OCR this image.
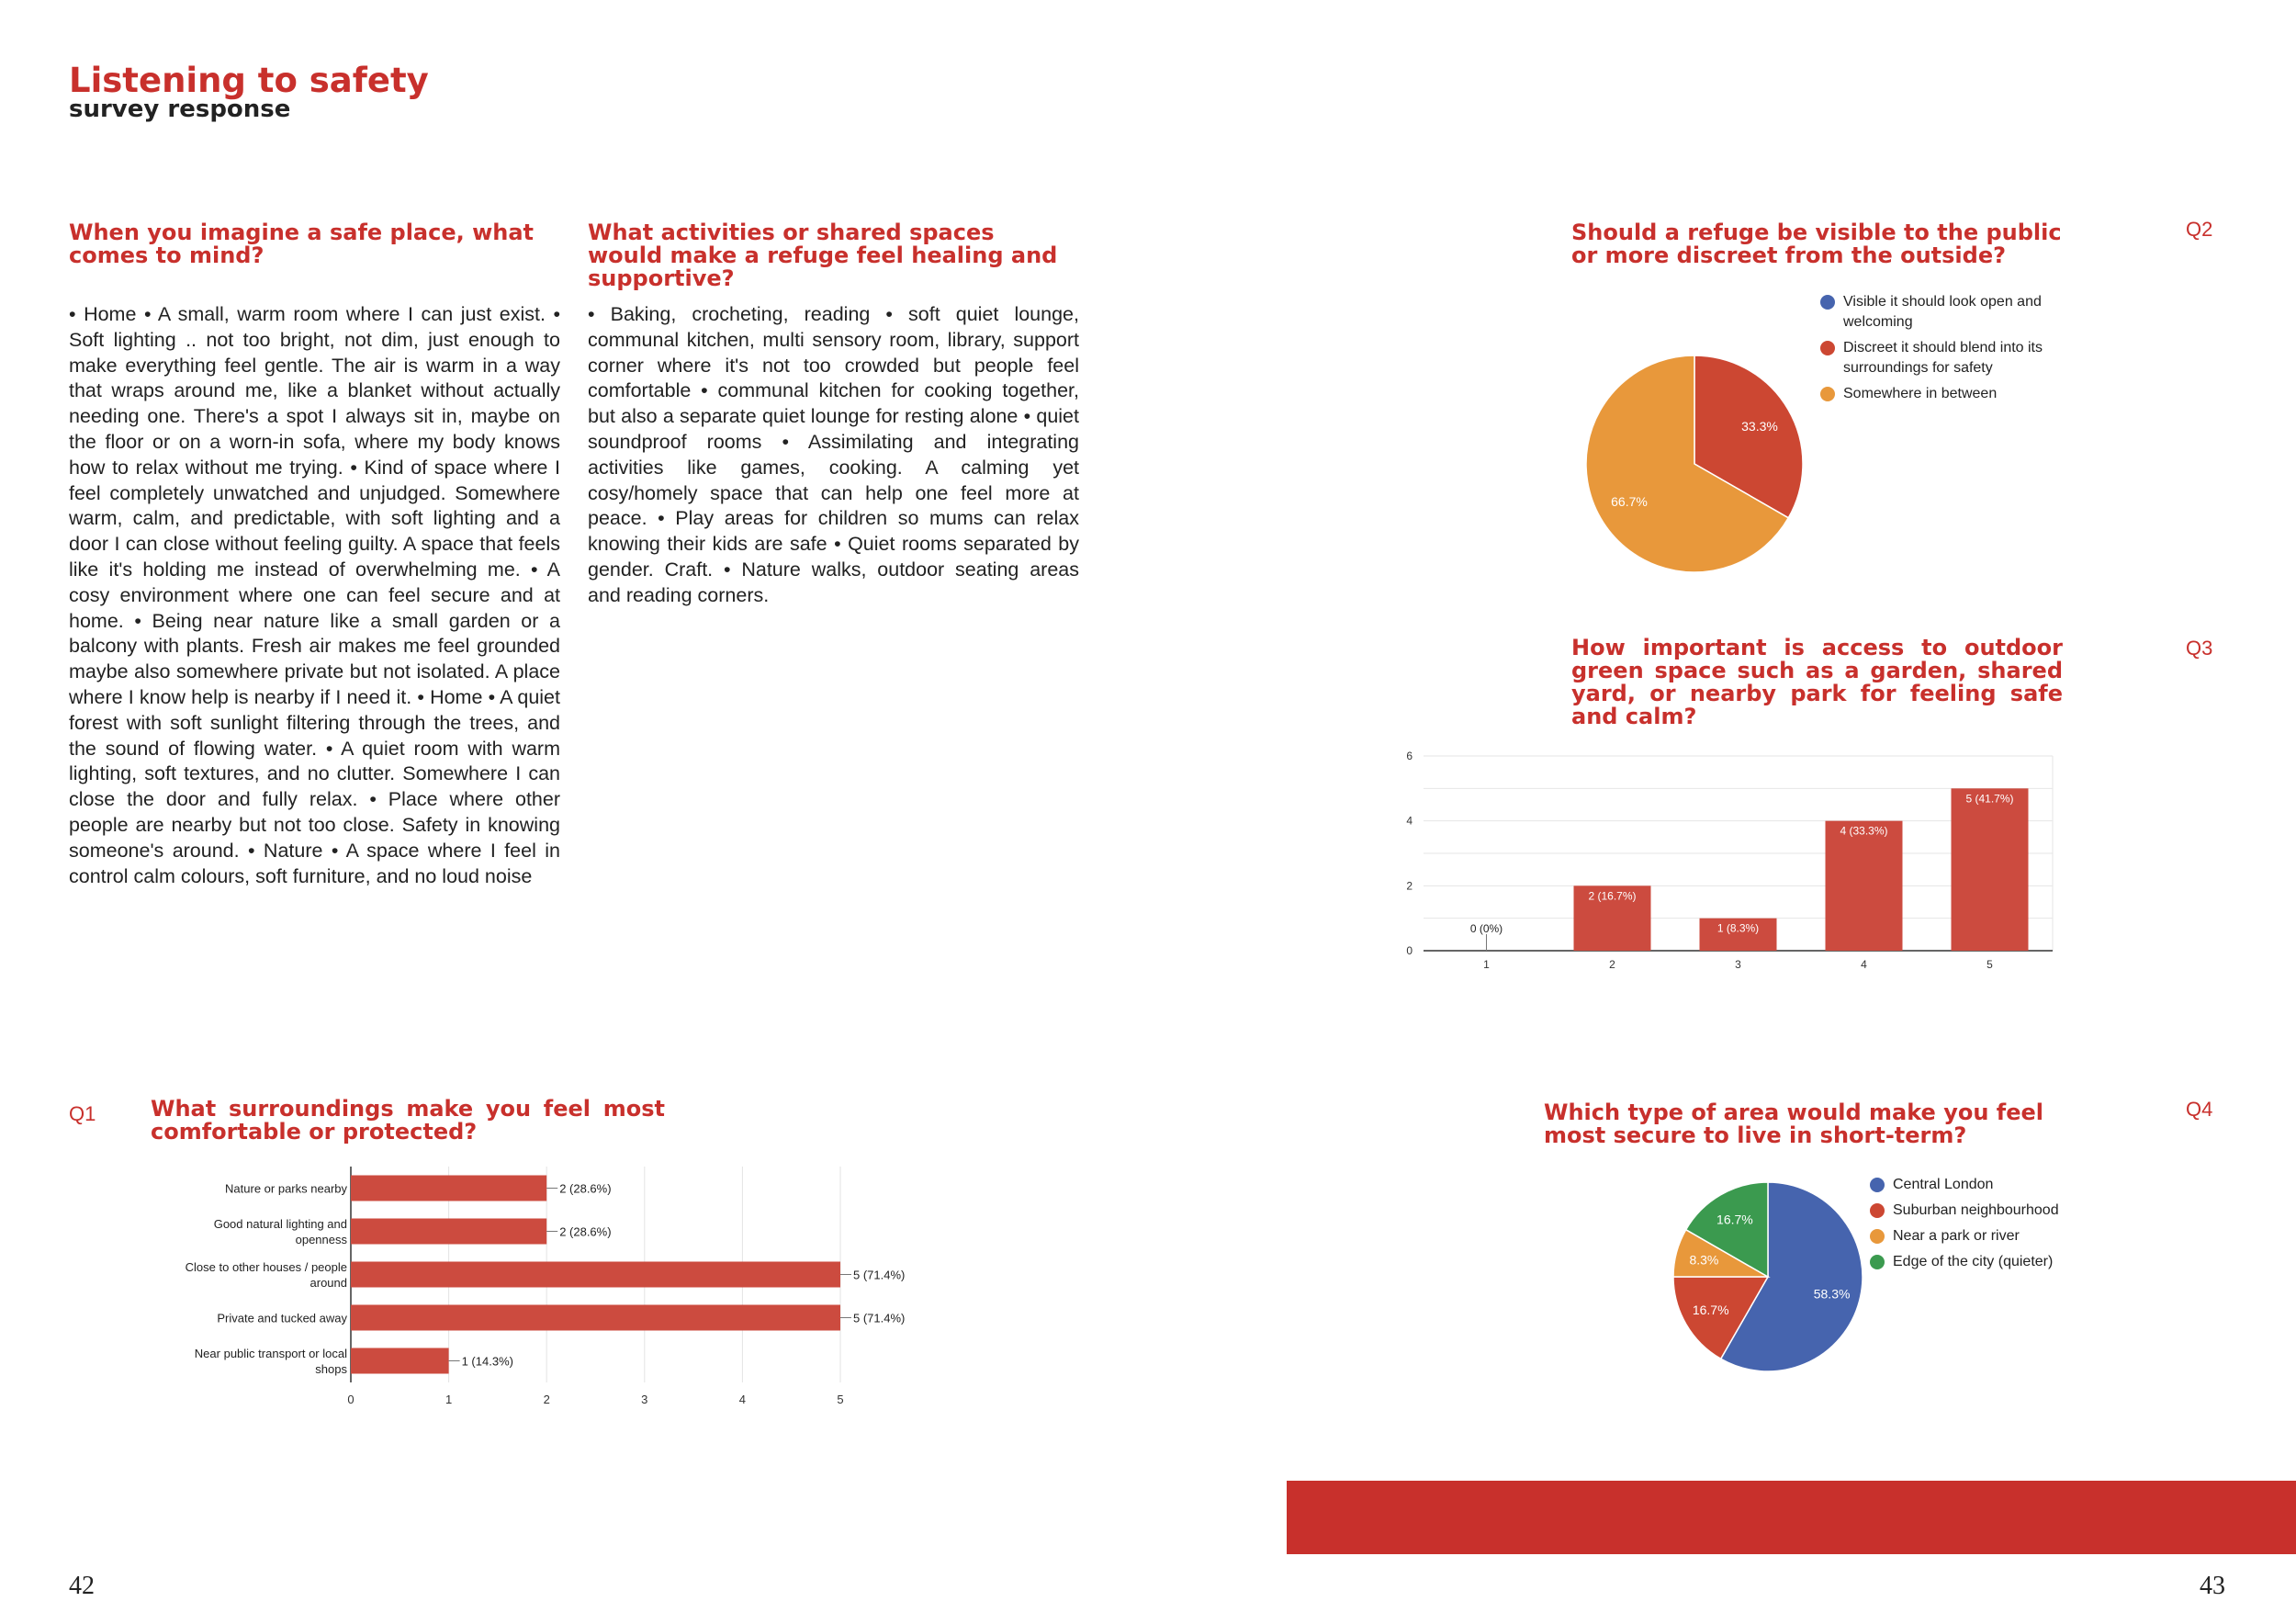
Listening to safety
survey response
When you imagine a safe place, what comes to mind?

• Home • A small, warm room where I can just exist. • Soft lighting .. not too bright, not dim, just enough to make everything feel gentle. The air is warm in a way that wraps around me, like a blanket without actually needing one. There's a spot I always sit in, maybe on the floor or on a worn-in sofa, where my body knows how to relax without me trying. • Kind of space where I feel completely unwatched and unjudged. Somewhere warm, calm, and predictable, with soft lighting and a door I can close without feeling guilty. A space that feels like it's holding me instead of overwhelming me. • A cosy environment where one can feel secure and at home. • Being near nature like a small garden or a balcony with plants. Fresh air makes me feel grounded maybe also somewhere private but not isolated. A place where I know help is nearby if I need it. • Home • A quiet forest with soft sunlight filtering through the trees, and the sound of flowing water. • A quiet room with warm lighting, soft textures, and no clutter. Somewhere I can close the door and fully relax. • Place where other people are nearby but not too close. Safety in knowing someone's around. • Nature • A space where I feel in control calm colours, soft furniture, and no loud noise

What activities or shared spaces would make a refuge feel healing and supportive?

• Baking, crocheting, reading • soft quiet lounge, communal kitchen, multi sensory room, library, support corner where it's not too crowded but people feel comfortable • communal kitchen for cooking together, but also a separate quiet lounge for resting alone • quiet soundproof rooms • Assimilating and integrating activities like games, cooking. A calming yet cosy/homely space that can help one feel more at peace. • Play areas for children so mums can relax knowing their kids are safe • Quiet rooms separated by gender. Craft. • Nature walks, outdoor seating areas and reading corners.

Q1 What surroundings make you feel most comfortable or protected?
0	1	2	3	4	5
2 (28.6%)
Nature or parks nearby
2 (28.6%)
Good natural lighting and
openness
5 (71.4%)
Close to other houses / people
around
5 (71.4%)
Private and tucked away
1 (14.3%)
Near public transport or local
shops
Should a refuge be visible to the public or more discreet from the outside?
Q2
33.3%
66.7%
Visible it should look open and welcoming
Discreet it should blend into its surroundings for safety
Somewhere in between
How important is access to outdoor green space such as a garden, shared yard, or nearby park for feeling safe and calm?
Q3
0
2
4
6
0 (0%)
1
2 (16.7%)
2
1 (8.3%)
3
4 (33.3%)
4
5 (41.7%)
5
Which type of area would make you feel most secure to live in short-term?
Q4
58.3%
16.7%
8.3%
16.7%
Central London
Suburban neighbourhood
Near a park or river
Edge of the city (quieter)
42	43
